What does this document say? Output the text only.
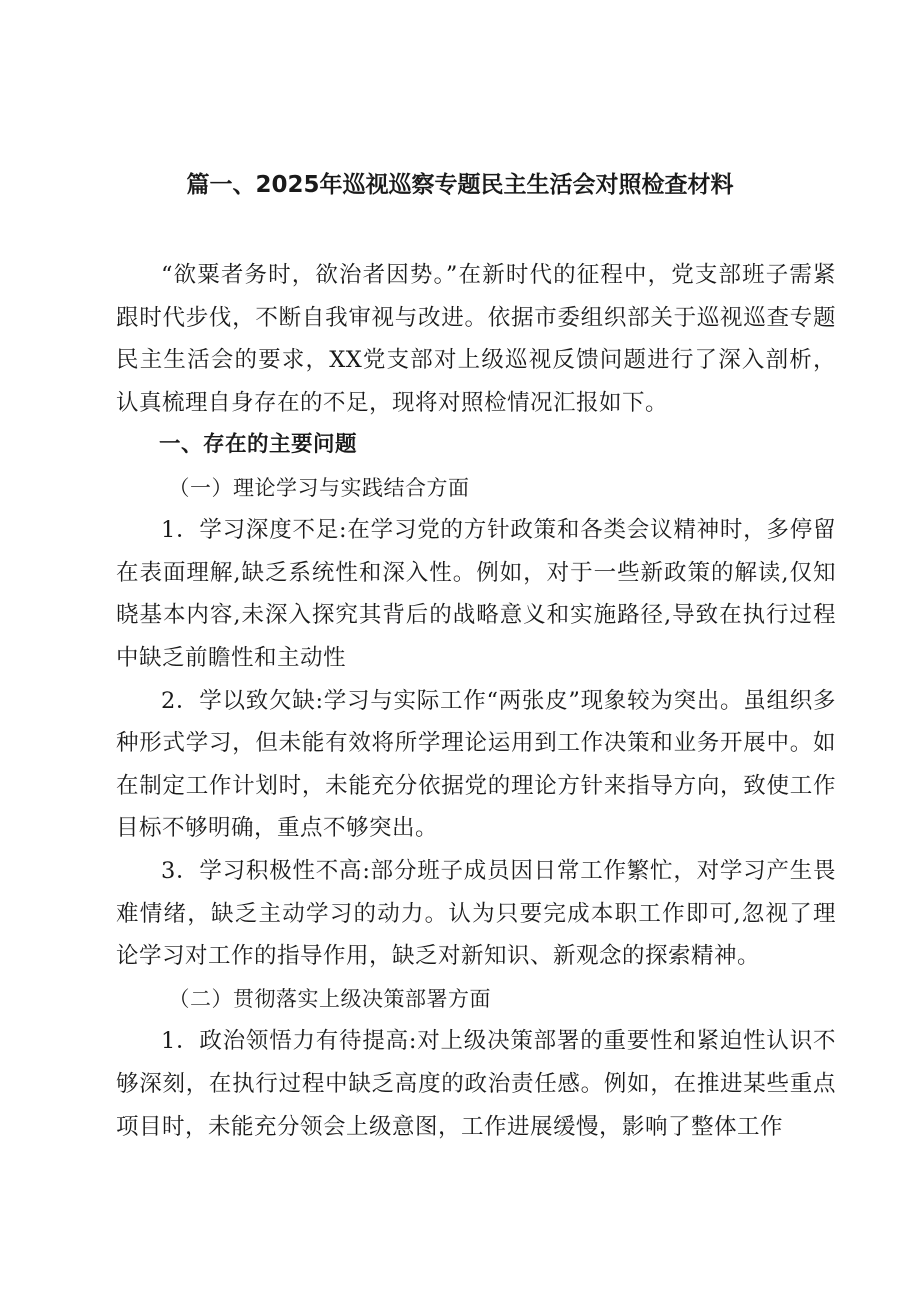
篇一、2025年巡视巡察专题民主生活会对照检查材料

“欲粟者务时，欲治者因势。”在新时代的征程中，党支部班子需紧跟时代步伐，不断自我审视与改进。依据市委组织部关于巡视巡查专题民主生活会的要求，XX党支部对上级巡视反馈问题进行了深入剖析，认真梳理自身存在的不足，现将对照检情况汇报如下。

一、存在的主要问题

（一）理论学习与实践结合方面

1．学习深度不足:在学习党的方针政策和各类会议精神时，多停留在表面理解,缺乏系统性和深入性。例如，对于一些新政策的解读,仅知晓基本内容,未深入探究其背后的战略意义和实施路径,导致在执行过程中缺乏前瞻性和主动性

2．学以致欠缺:学习与实际工作“两张皮”现象较为突出。虽组织多种形式学习，但未能有效将所学理论运用到工作决策和业务开展中。如在制定工作计划时，未能充分依据党的理论方针来指导方向，致使工作目标不够明确，重点不够突出。

3．学习积极性不高:部分班子成员因日常工作繁忙，对学习产生畏难情绪，缺乏主动学习的动力。认为只要完成本职工作即可,忽视了理论学习对工作的指导作用，缺乏对新知识、新观念的探索精神。

（二）贯彻落实上级决策部署方面

1．政治领悟力有待提高:对上级决策部署的重要性和紧迫性认识不够深刻，在执行过程中缺乏高度的政治责任感。例如，在推进某些重点项目时，未能充分领会上级意图，工作进展缓慢，影响了整体工作
